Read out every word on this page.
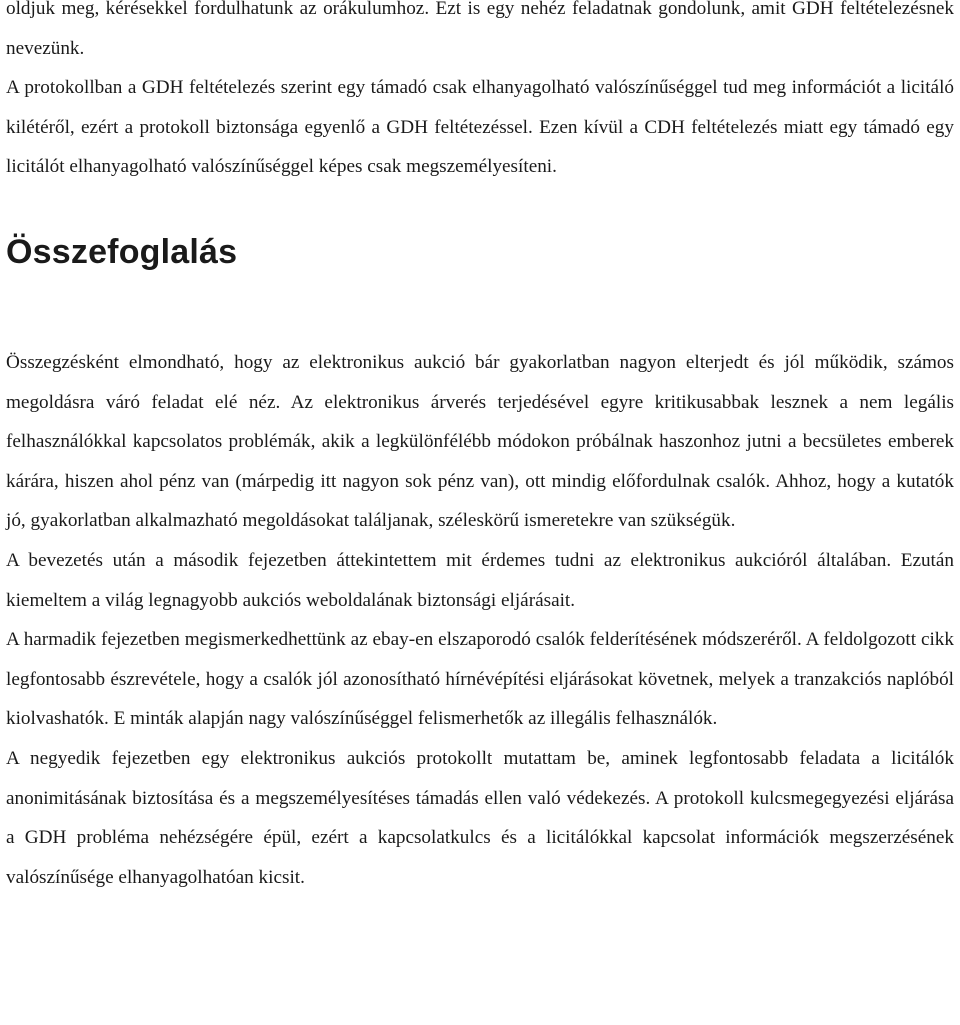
oldjuk meg, kérésekkel fordulhatunk az orákulumhoz. Ezt is egy nehéz feladatnak gondolunk, amit GDH feltételezésnek nevezünk.

A protokollban a GDH feltételezés szerint egy támadó csak elhanyagolható valószínűséggel tud meg információt a licitáló kilétéről, ezért a protokoll biztonsága egyenlő a GDH feltétezéssel. Ezen kívül a CDH feltételezés miatt egy támadó egy licitálót elhanyagolható valószínűséggel képes csak megszemélyesíteni.

Összefoglalás

Összegzésként elmondható, hogy az elektronikus aukció bár gyakorlatban nagyon elterjedt és jól működik, számos megoldásra váró feladat elé néz. Az elektronikus árverés terjedésével egyre kritikusabbak lesznek a nem legális felhasználókkal kapcsolatos problémák, akik a legkülönfélébb módokon próbálnak haszonhoz jutni a becsületes emberek kárára, hiszen ahol pénz van (márpedig itt nagyon sok pénz van), ott mindig előfordulnak csalók. Ahhoz, hogy a kutatók jó, gyakorlatban alkalmazható megoldásokat találjanak, széleskörű ismeretekre van szükségük.

A bevezetés után a második fejezetben áttekintettem mit érdemes tudni az elektronikus aukcióról általában. Ezután kiemeltem a világ legnagyobb aukciós weboldalának biztonsági eljárásait.

A harmadik fejezetben megismerkedhettünk az ebay-en elszaporodó csalók felderítésének módszeréről. A feldolgozott cikk legfontosabb észrevétele, hogy a csalók jól azonosítható hírnévépítési eljárásokat követnek, melyek a tranzakciós naplóból kiolvashatók. E minták alapján nagy valószínűséggel felismerhetők az illegális felhasználók.

A negyedik fejezetben egy elektronikus aukciós protokollt mutattam be, aminek legfontosabb feladata a licitálók anonimitásának biztosítása és a megszemélyesítéses támadás ellen való védekezés. A protokoll kulcsmegegyezési eljárása a GDH probléma nehézségére épül, ezért a kapcsolatkulcs és a licitálókkal kapcsolat információk megszerzésének valószínűsége elhanyagolhatóan kicsit.
